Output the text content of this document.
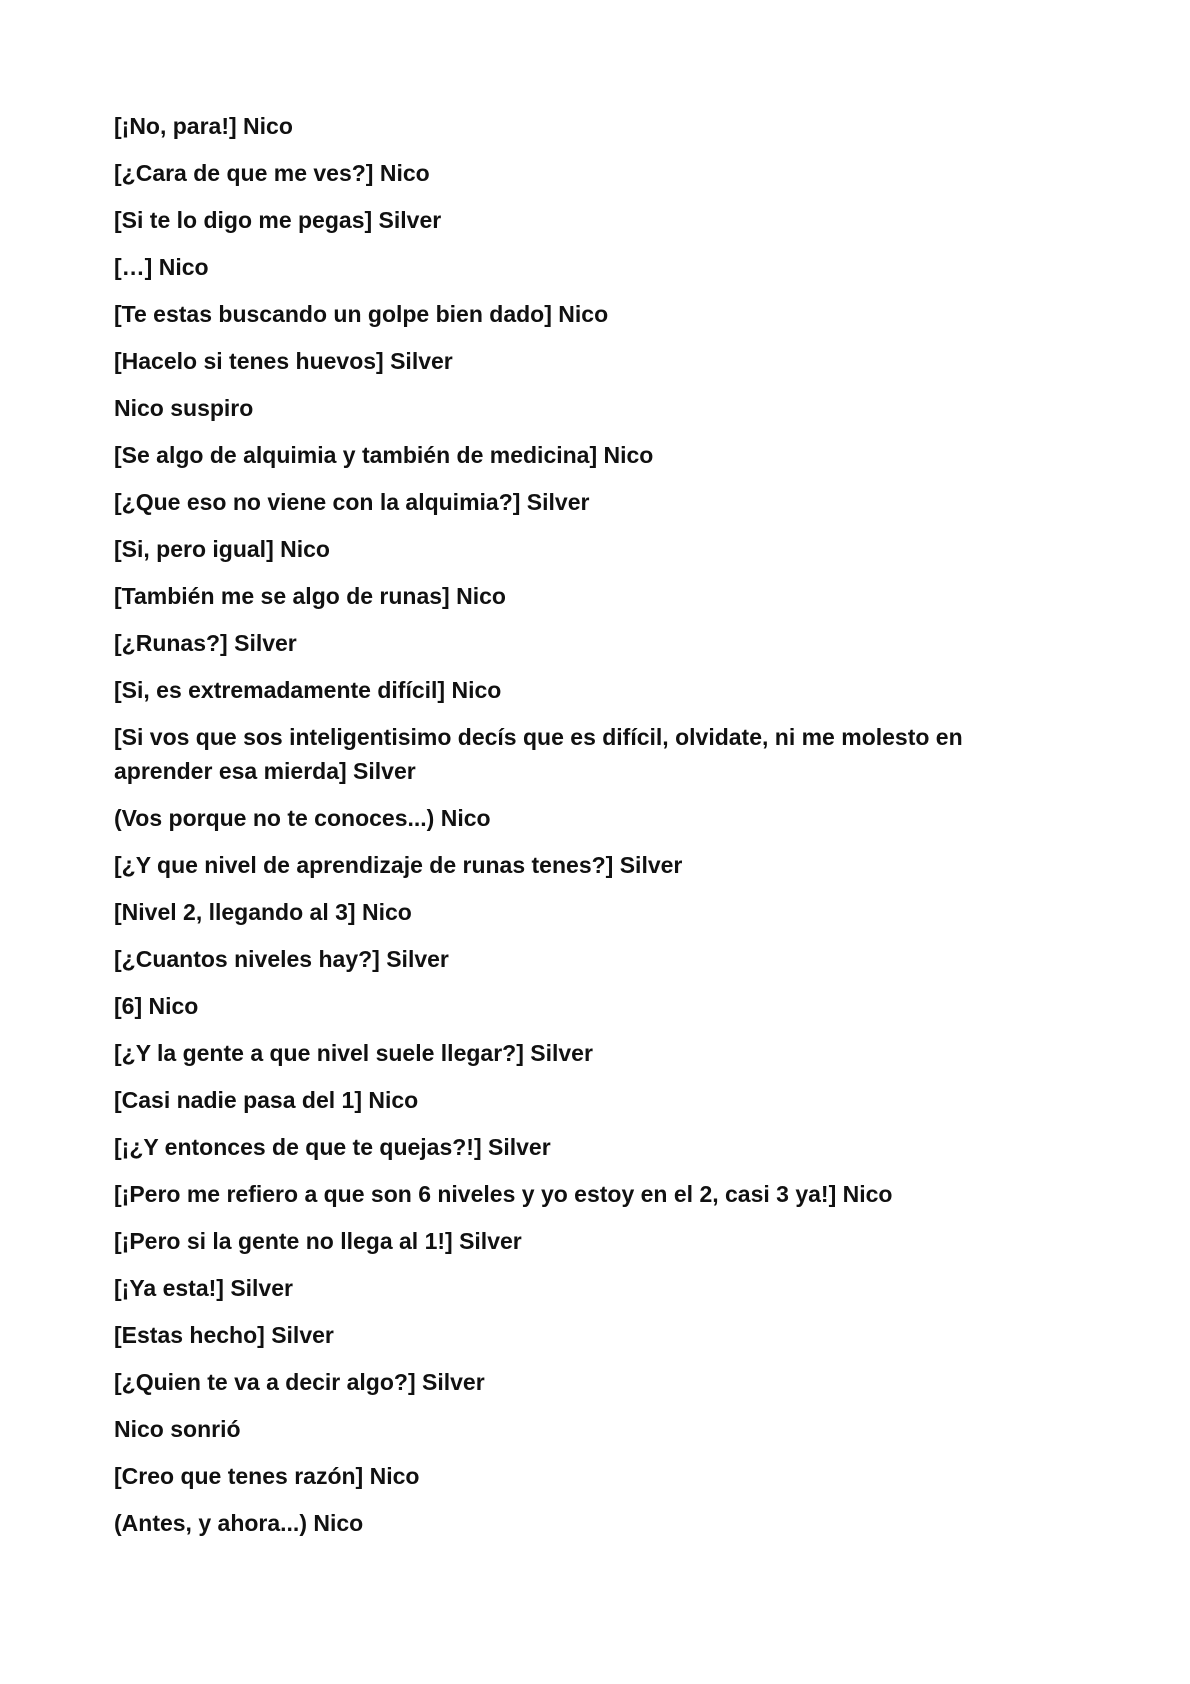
[¡No, para!] Nico

[¿Cara de que me ves?] Nico

[Si te lo digo me pegas] Silver

[…] Nico

[Te estas buscando un golpe bien dado] Nico

[Hacelo si tenes huevos] Silver

Nico suspiro

[Se algo de alquimia y también de medicina] Nico

[¿Que eso no viene con la alquimia?] Silver

[Si, pero igual] Nico

[También me se algo de runas] Nico

[¿Runas?] Silver

[Si, es extremadamente difícil] Nico

[Si vos que sos inteligentisimo decís que es difícil, olvidate, ni me molesto en aprender esa mierda] Silver

(Vos porque no te conoces...) Nico

[¿Y que nivel de aprendizaje de runas tenes?] Silver

[Nivel 2, llegando al 3] Nico

[¿Cuantos niveles hay?] Silver

[6] Nico

[¿Y la gente a que nivel suele llegar?] Silver

[Casi nadie pasa del 1] Nico

[¡¿Y entonces de que te quejas?!] Silver

[¡Pero me refiero a que son 6 niveles y yo estoy en el 2, casi 3 ya!] Nico

[¡Pero si la gente no llega al 1!] Silver

[¡Ya esta!] Silver

[Estas hecho] Silver

[¿Quien te va a decir algo?] Silver

Nico sonrió

[Creo que tenes razón] Nico

(Antes, y ahora...) Nico
